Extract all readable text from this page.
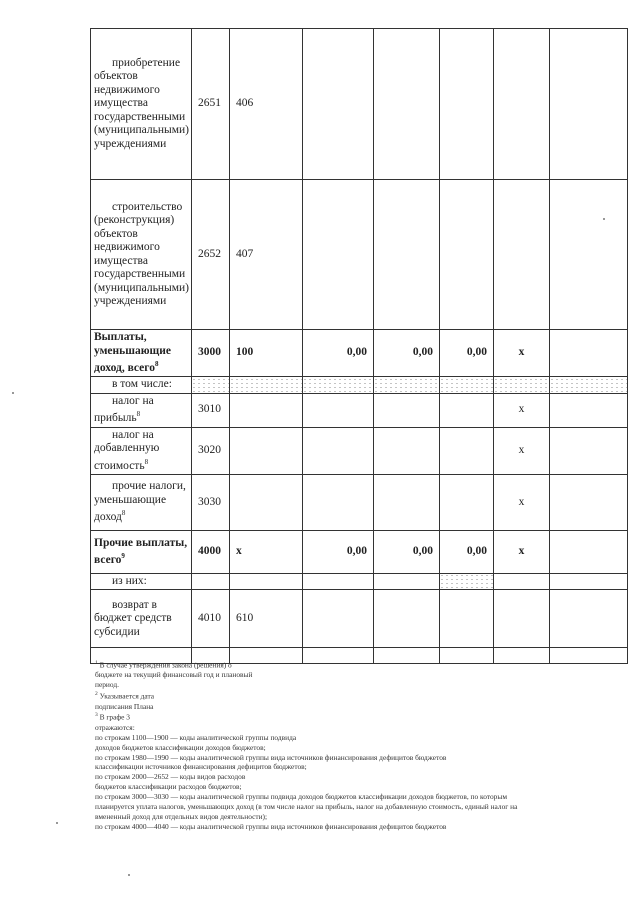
приобретение объектов недвижимого имущества государственными (муниципальными) учреждениями	2651	406					
строительство (реконструкция) объектов недвижимого имущества государственными (муниципальными) учреждениями	2652	407					
Выплаты, уменьшающие доход, всего$^8$	3000	100	0,00	0,00	0,00	x	
в том числе:							
налог на прибыль$^8$	3010					x	
налог на добавленную стоимость$^8$	3020					x	
прочие налоги, уменьшающие доход$^8$	3030					x	
Прочие выплаты, всего$^9$	4000	x	0,00	0,00	0,00	x	
из них:							
возврат в бюджет средств субсидии	4010	610					

$^1$ В случае утверждения закона (решения) о

бюджете на текущий финансовый год и плановый

период.

$^2$ Указывается дата

подписания Плана

$^3$ В графе 3

отражаются:

по строкам 1100—1900 — коды аналитической группы подвида

доходов бюджетов классификации доходов бюджетов;

по строкам 1980—1990 — коды аналитической группы вида источников финансирования дефицитов бюджетов

классификации источников финансирования дефицитов бюджетов;

по строкам 2000—2652 — коды видов расходов

бюджетов классификации расходов бюджетов;

по строкам 3000—3030 — коды аналитической группы подвида доходов бюджетов классификации доходов бюджетов, по которым

планируется уплата налогов, уменьшающих доход (в том числе налог на прибыль, налог на добавленную стоимость, единый налог на

вмененный доход для отдельных видов деятельности);

по строкам 4000—4040 — коды аналитической группы вида источников финансирования дефицитов бюджетов
